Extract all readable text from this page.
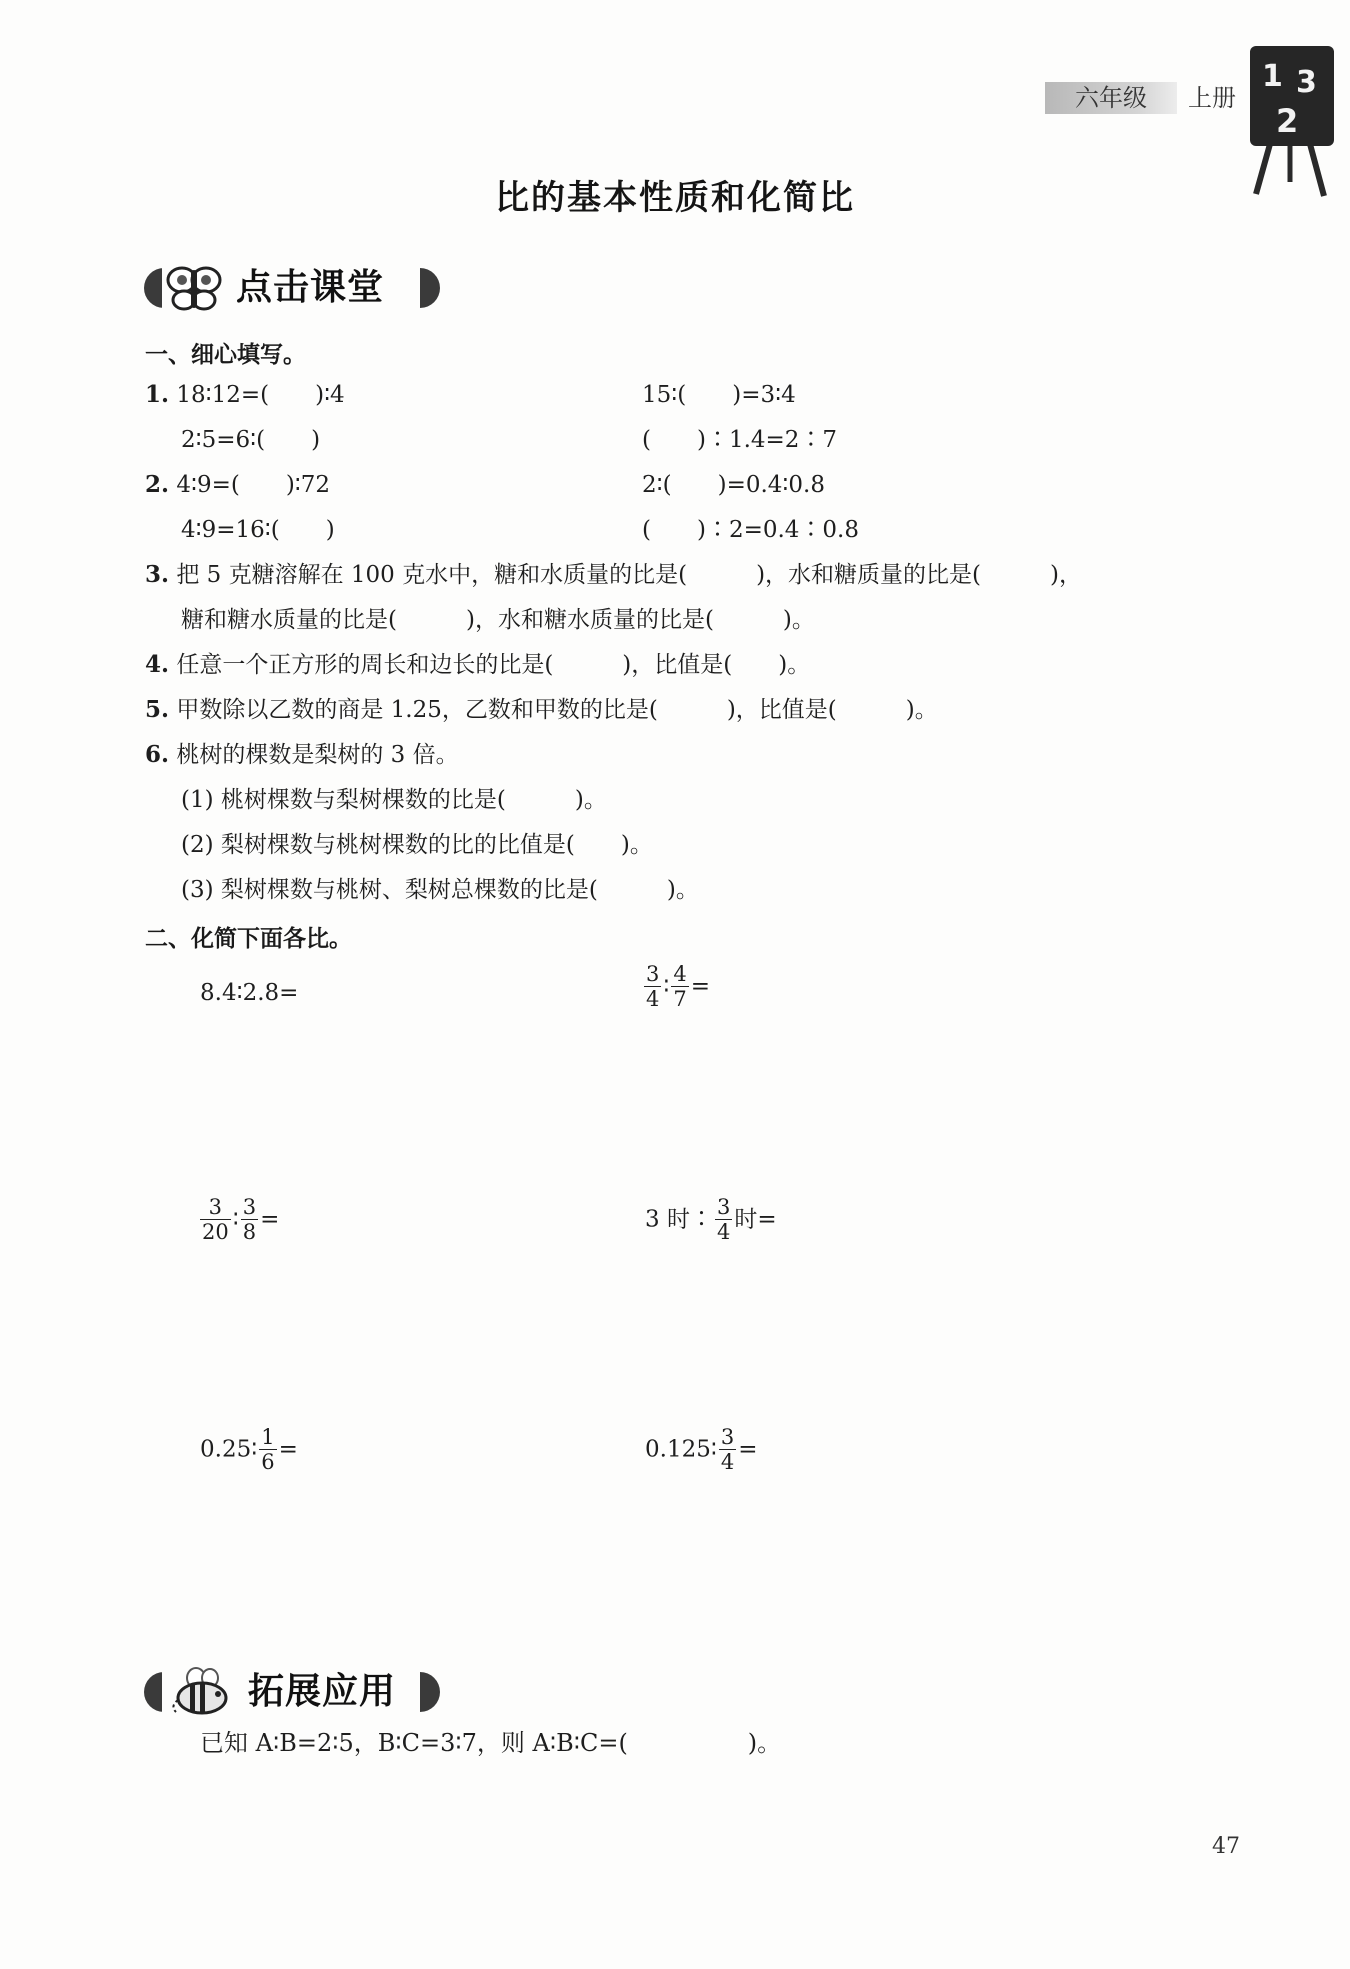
六年级	上册
1 3
2
比的基本性质和化简比
点击课堂
一、细心填写。
1. 18∶12=(　　)∶4	15∶(　　)=3∶4
2∶5=6∶(　　)	(　　)∶1.4=2∶7
2. 4∶9=(　　)∶72	2∶(　　)=0.4∶0.8
4∶9=16∶(　　)	(　　)∶2=0.4∶0.8
3. 把 5 克糖溶解在 100 克水中，糖和水质量的比是(　　　)，水和糖质量的比是(　　　)，
糖和糖水质量的比是(　　　)，水和糖水质量的比是(　　　)。
4. 任意一个正方形的周长和边长的比是(　　　)，比值是(　　)。
5. 甲数除以乙数的商是 1.25，乙数和甲数的比是(　　　)，比值是(　　　)。
6. 桃树的棵数是梨树的 3 倍。
(1) 桃树棵数与梨树棵数的比是(　　　)。
(2) 梨树棵数与桃树棵数的比的比值是(　　)。
(3) 梨树棵数与桃树、梨树总棵数的比是(　　　)。
二、化简下面各比。
8.4∶2.8=	$\frac{3}{4}$ ∶ $\frac{4}{7}$ =
$\frac{3}{20}$ ∶ $\frac{3}{8}$ =	3 时∶ $\frac{3}{4}$ 时=
0.25∶ $\frac{1}{6}$ =	0.125∶ $\frac{3}{4}$ =
拓展应用
已知 A∶B=2∶5，B∶C=3∶7，则 A∶B∶C=(　　　　　)。
47
